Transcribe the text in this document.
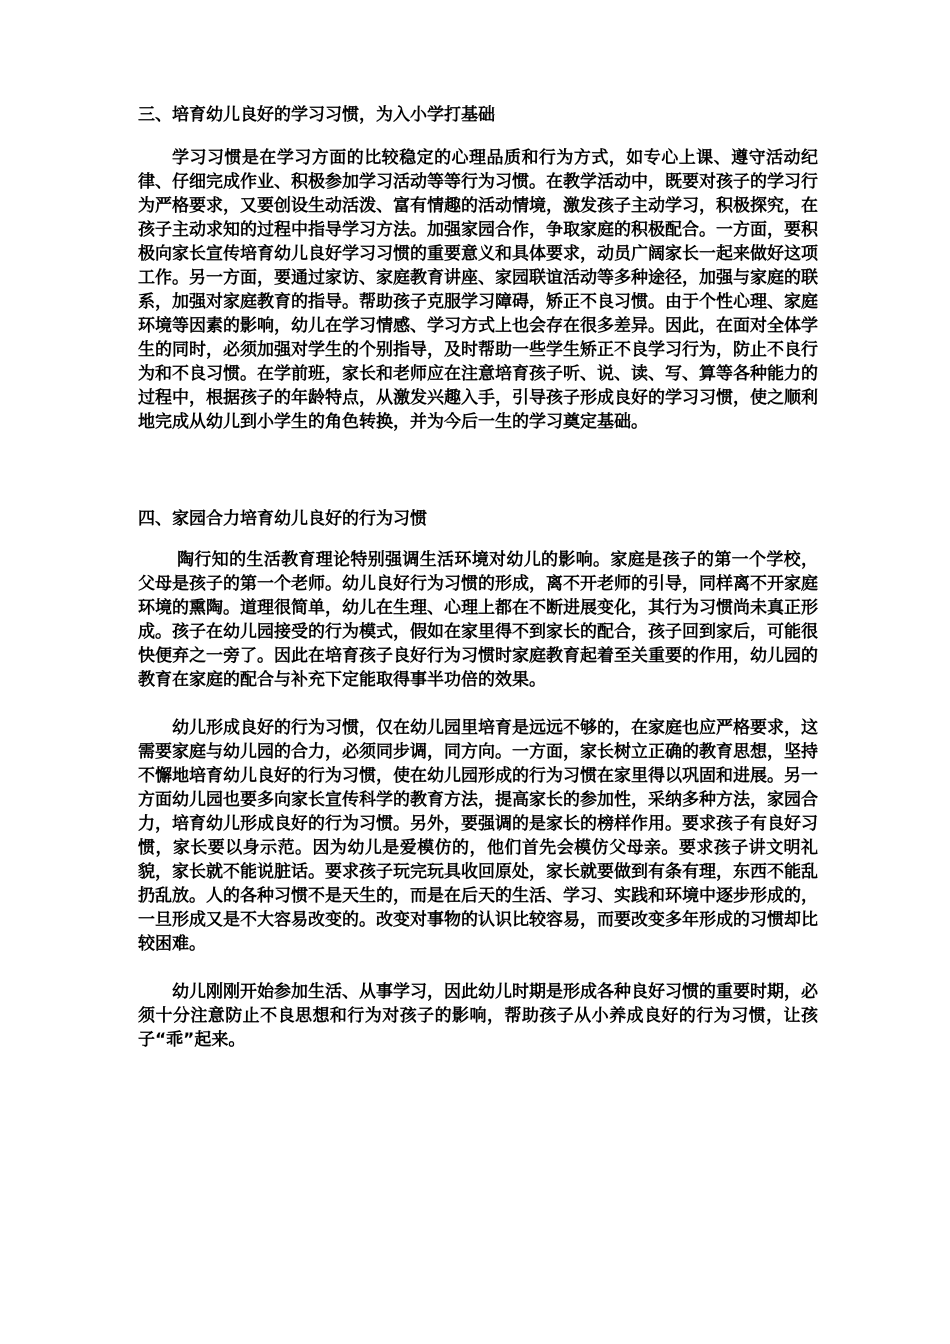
三、培育幼儿良好的学习习惯，为入小学打基础

学习习惯是在学习方面的比较稳定的心理品质和行为方式，如专心上课、遵守活动纪律、仔细完成作业、积极参加学习活动等等行为习惯。在教学活动中，既要对孩子的学习行为严格要求，又要创设生动活泼、富有情趣的活动情境，激发孩子主动学习，积极探究，在孩子主动求知的过程中指导学习方法。加强家园合作，争取家庭的积极配合。一方面，要积极向家长宣传培育幼儿良好学习习惯的重要意义和具体要求，动员广阔家长一起来做好这项工作。另一方面，要通过家访、家庭教育讲座、家园联谊活动等多种途径，加强与家庭的联系，加强对家庭教育的指导。帮助孩子克服学习障碍，矫正不良习惯。由于个性心理、家庭环境等因素的影响，幼儿在学习情感、学习方式上也会存在很多差异。因此，在面对全体学生的同时，必须加强对学生的个别指导，及时帮助一些学生矫正不良学习行为，防止不良行为和不良习惯。在学前班，家长和老师应在注意培育孩子听、说、读、写、算等各种能力的过程中，根据孩子的年龄特点，从激发兴趣入手，引导孩子形成良好的学习习惯，使之顺利地完成从幼儿到小学生的角色转换，并为今后一生的学习奠定基础。

四、家园合力培育幼儿良好的行为习惯

陶行知的生活教育理论特别强调生活环境对幼儿的影响。家庭是孩子的第一个学校，父母是孩子的第一个老师。幼儿良好行为习惯的形成，离不开老师的引导，同样离不开家庭环境的熏陶。道理很简单，幼儿在生理、心理上都在不断进展变化，其行为习惯尚未真正形成。孩子在幼儿园接受的行为模式，假如在家里得不到家长的配合，孩子回到家后，可能很快便弃之一旁了。因此在培育孩子良好行为习惯时家庭教育起着至关重要的作用，幼儿园的教育在家庭的配合与补充下定能取得事半功倍的效果。

幼儿形成良好的行为习惯，仅在幼儿园里培育是远远不够的，在家庭也应严格要求，这需要家庭与幼儿园的合力，必须同步调，同方向。一方面，家长树立正确的教育思想，坚持不懈地培育幼儿良好的行为习惯，使在幼儿园形成的行为习惯在家里得以巩固和进展。另一方面幼儿园也要多向家长宣传科学的教育方法，提高家长的参加性，采纳多种方法，家园合力，培育幼儿形成良好的行为习惯。另外，要强调的是家长的榜样作用。要求孩子有良好习惯，家长要以身示范。因为幼儿是爱模仿的，他们首先会模仿父母亲。要求孩子讲文明礼貌，家长就不能说脏话。要求孩子玩完玩具收回原处，家长就要做到有条有理，东西不能乱扔乱放。人的各种习惯不是天生的，而是在后天的生活、学习、实践和环境中逐步形成的，一旦形成又是不大容易改变的。改变对事物的认识比较容易，而要改变多年形成的习惯却比较困难。

幼儿刚刚开始参加生活、从事学习，因此幼儿时期是形成各种良好习惯的重要时期，必须十分注意防止不良思想和行为对孩子的影响，帮助孩子从小养成良好的行为习惯，让孩子“乖”起来。
